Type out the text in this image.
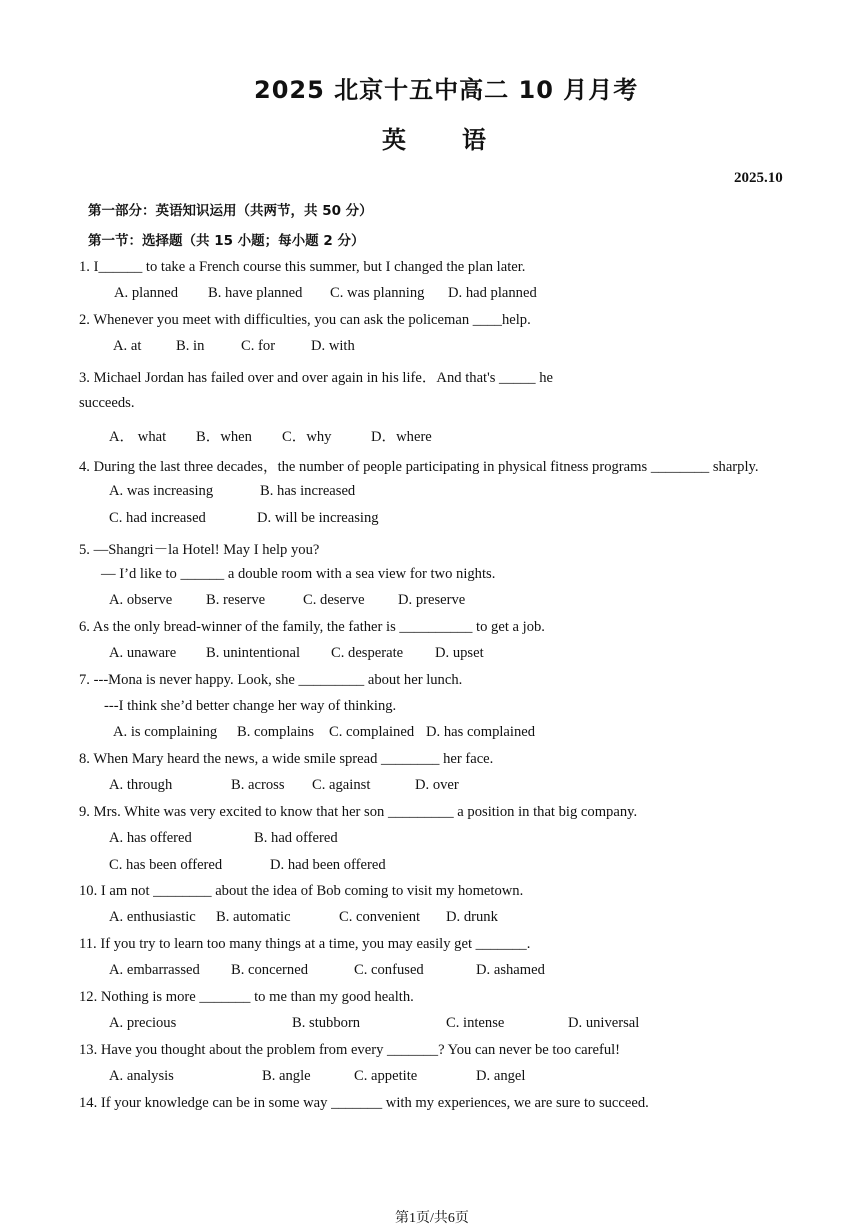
2025 北京十五中高二 10 月月考
英 语
2025.10
第一部分：英语知识运用（共两节，共 50 分）
第一节：选择题（共 15 小题；每小题 2 分）
1. I______ to take a French course this summer, but I changed the plan later.
A. planned B. have planned C. was planning D. had planned
2. Whenever you meet with difficulties, you can ask the policeman ____help.
A. at B. in	C. for D. with
3. Michael Jordan has failed over and over again in his life．And that's _____ he
succeeds.
A． what B．when C．why	D．where
4. During the last three decades，the number of people participating in physical fitness programs ________ sharply.
A. was increasing	B. has increased
C. had increased	D. will be increasing
5. —Shangri－la Hotel! May I help you?
— I’d like to ______ a double room with a sea view for two nights.
A. observe B. reserve	C. deserve D. preserve
6. As the only bread-winner of the family, the father is __________ to get a job.
A. unaware B. unintentional C. desperate D. upset
7. ---Mona is never happy. Look, she _________ about her lunch.
---I think she’d better change her way of thinking.
A. is complaining B. complains C. complained D. has complained
8. When Mary heard the news, a wide smile spread ________ her face.
A. through	B. across C. against	D. over
9. Mrs. White was very excited to know that her son _________ a position in that big company.
A. has offered	B. had offered
C. has been offered	D. had been offered
10. I am not ________ about the idea of Bob coming to visit my hometown.
A. enthusiastic B. automatic	C. convenient D. drunk
11. If you try to learn too many things at a time, you may easily get _______.
A. embarrassed B. concerned	C. confused	D. ashamed
12. Nothing is more _______ to me than my good health.
A. precious	B. stubborn	C. intense	D. universal
13. Have you thought about the problem from every _______? You can never be too careful!
A. analysis	B. angle	C. appetite	D. angel
14. If your knowledge can be in some way _______ with my experiences, we are sure to succeed.
第1页/共6页
